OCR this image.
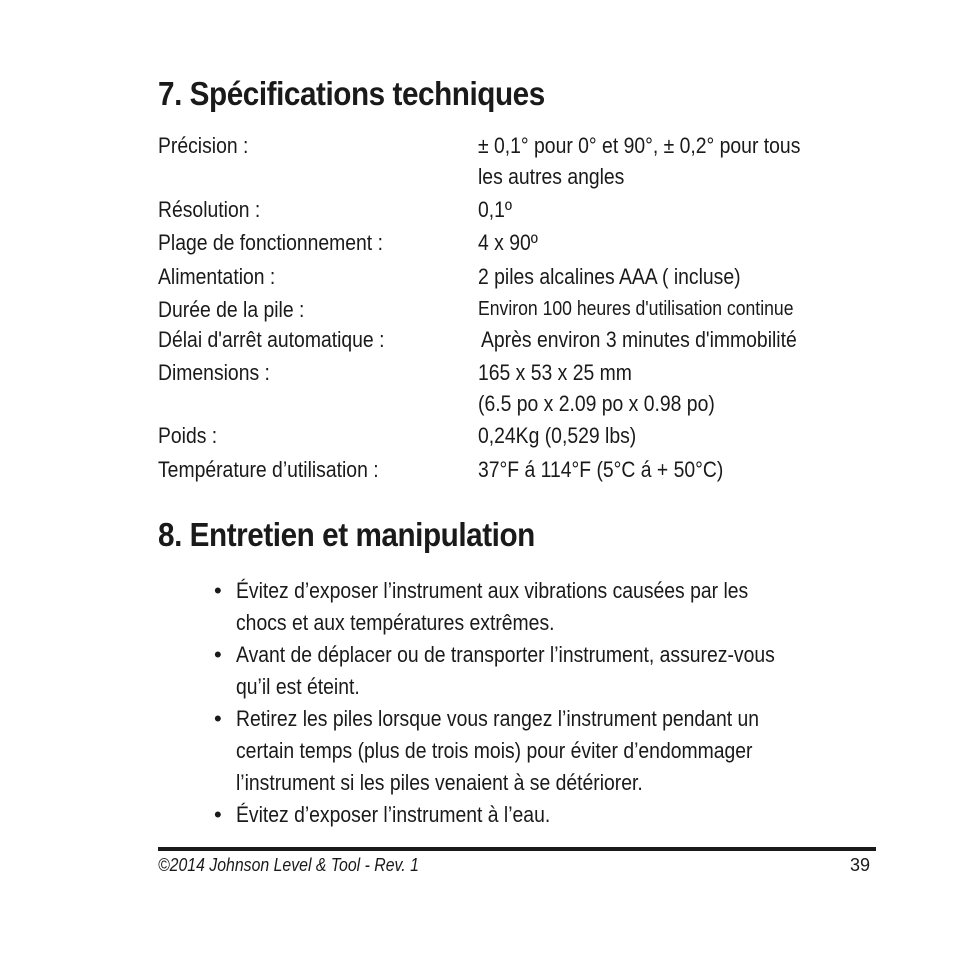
7. Spécifications techniques
Précision :	± 0,1° pour 0° et 90°, ± 0,2° pour tous
les autres angles
Résolution :	0,1º
Plage de fonctionnement :	4 x 90º
Alimentation :	2 piles alcalines AAA ( incluse)
Durée de la pile :	Environ 100 heures d'utilisation continue
Délai d'arrêt automatique :	Après environ 3 minutes d'immobilité
Dimensions :	165 x 53 x 25 mm
(6.5 po x 2.09 po x 0.98 po)
Poids :	0,24Kg (0,529 lbs)
Température d’utilisation :	37°F á 114°F (5°C á + 50°C)
8. Entretien et manipulation
• Évitez d’exposer l’instrument aux vibrations causées par les
chocs et aux températures extrêmes.
• Avant de déplacer ou de transporter l’instrument, assurez-vous
qu’il est éteint.
• Retirez les piles lorsque vous rangez l’instrument pendant un
certain temps (plus de trois mois) pour éviter d’endommager
l’instrument si les piles venaient à se détériorer.
• Évitez d’exposer l’instrument à l’eau.
©2014 Johnson Level & Tool - Rev. 1	39
